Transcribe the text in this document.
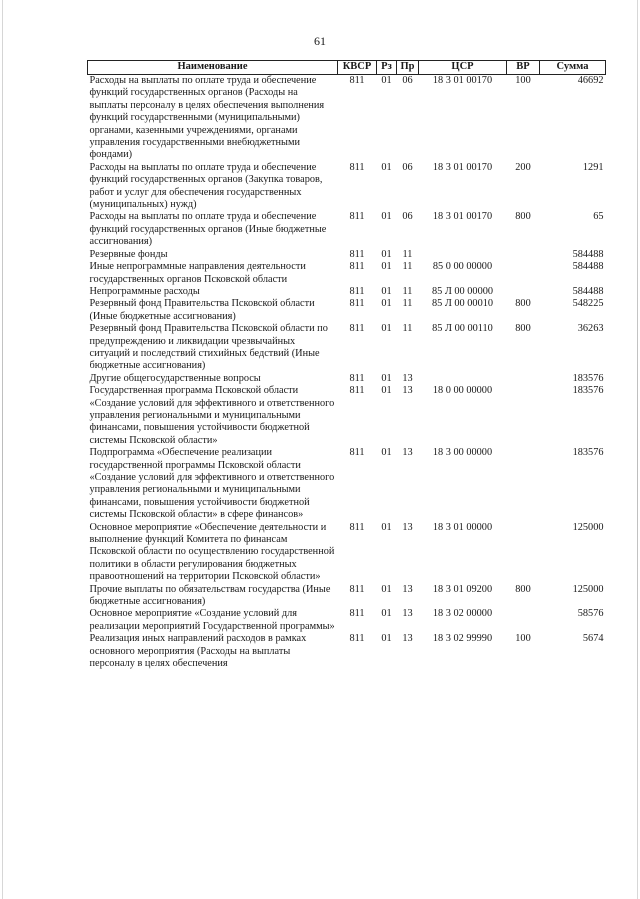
61
Наименование	КВСР	Рз	Пр	ЦСР	ВР	Сумма
Расходы на выплаты по оплате труда и обеспечение функций государственных органов (Расходы на выплаты персоналу в целях обеспечения выполнения функций государственными (муниципальными) органами, казенными учреждениями, органами управления государственными внебюджетными фондами)	811	01	06	18 3 01 00170	100	46692
Расходы на выплаты по оплате труда и обеспечение функций государственных органов (Закупка товаров, работ и услуг для обеспечения государственных (муниципальных) нужд)	811	01	06	18 3 01 00170	200	1291
Расходы на выплаты по оплате труда и обеспечение функций государственных органов (Иные бюджетные ассигнования)	811	01	06	18 3 01 00170	800	65
Резервные фонды	811	01	11			584488
Иные непрограммные направления деятельности государственных органов Псковской области	811	01	11	85 0 00 00000		584488
Непрограммные расходы	811	01	11	85 Л 00 00000		584488
Резервный фонд Правительства Псковской области (Иные бюджетные ассигнования)	811	01	11	85 Л 00 00010	800	548225
Резервный фонд Правительства Псковской области по предупреждению и ликвидации чрезвычайных ситуаций и последствий стихийных бедствий (Иные бюджетные ассигнования)	811	01	11	85 Л 00 00110	800	36263
Другие общегосударственные вопросы	811	01	13			183576
Государственная программа Псковской области «Создание условий для эффективного и ответственного управления региональными и муниципальными финансами, повышения устойчивости бюджетной системы Псковской области»	811	01	13	18 0 00 00000		183576
Подпрограмма «Обеспечение реализации государственной программы Псковской области «Создание условий для эффективного и ответственного управления региональными и муниципальными финансами, повышения устойчивости бюджетной системы Псковской области» в сфере финансов»	811	01	13	18 3 00 00000		183576
Основное мероприятие «Обеспечение деятельности и выполнение функций Комитета по финансам Псковской области по осуществлению государственной политики в области регулирования бюджетных правоотношений на территории Псковской области»	811	01	13	18 3 01 00000		125000
Прочие выплаты по обязательствам государства (Иные бюджетные ассигнования)	811	01	13	18 3 01 09200	800	125000
Основное мероприятие «Создание условий для реализации мероприятий Государственной программы»	811	01	13	18 3 02 00000		58576
Реализация иных направлений расходов в рамках основного мероприятия (Расходы на выплаты персоналу в целях обеспечения	811	01	13	18 3 02 99990	100	5674
